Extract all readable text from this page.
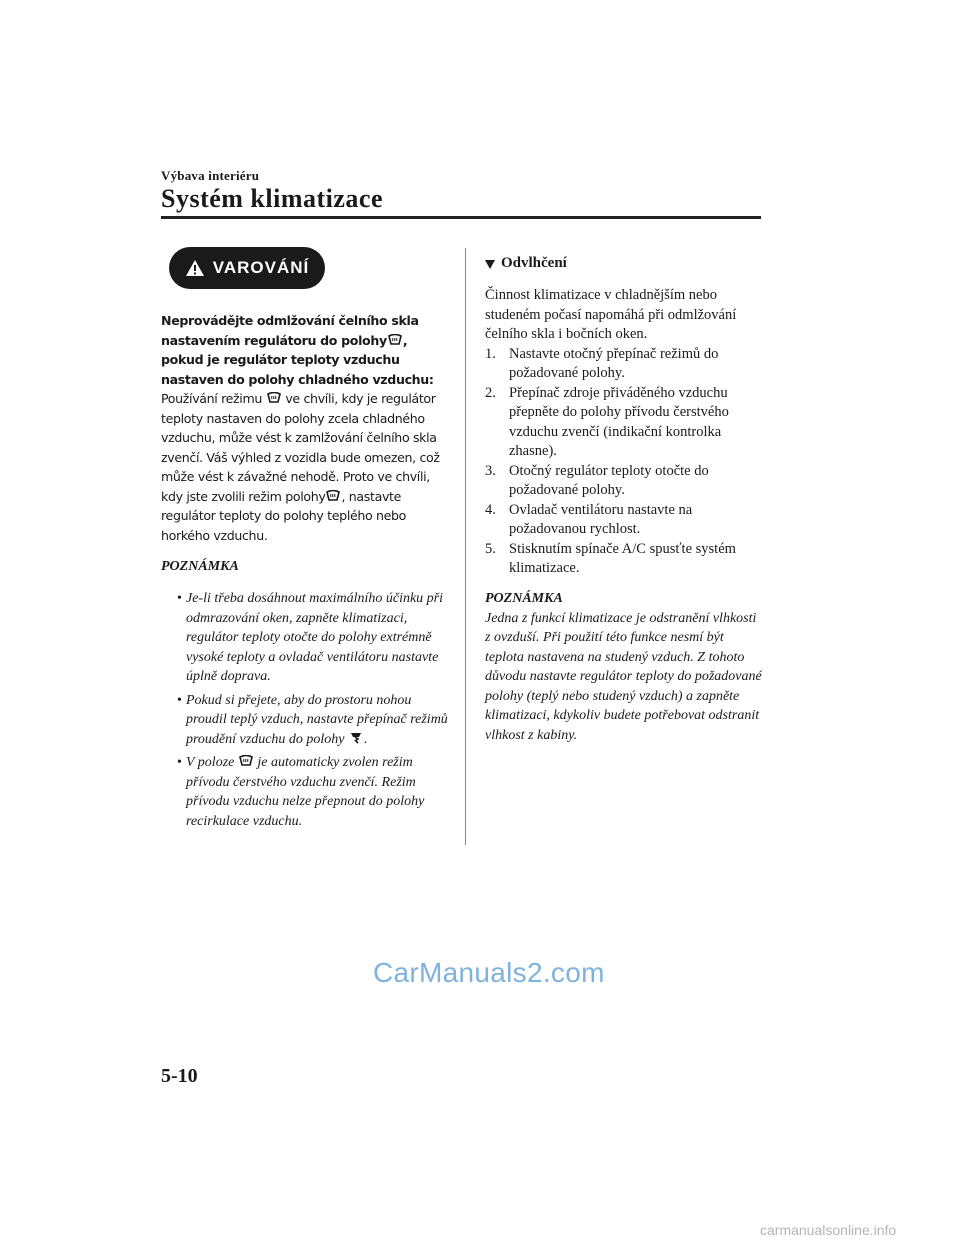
Výbava interiéru
Systém klimatizace
VAROVÁNÍ
Neprovádějte odmlžování čelního skla nastavením regulátoru do polohy , pokud je regulátor teploty vzduchu nastaven do polohy chladného vzduchu: Používání režimu ve chvíli, kdy je regulátor teploty nastaven do polohy zcela chladného vzduchu, může vést k zamlžování čelního skla zvenčí. Váš výhled z vozidla bude omezen, což může vést k závažné nehodě. Proto ve chvíli, kdy jste zvolili režim polohy , nastavte regulátor teploty do polohy teplého nebo horkého vzduchu.
POZNÁMKA
• Je-li třeba dosáhnout maximálního účinku při odmrazování oken, zapněte klimatizaci, regulátor teploty otočte do polohy extrémně vysoké teploty a ovladač ventilátoru nastavte úplně doprava.
• Pokud si přejete, aby do prostoru nohou proudil teplý vzduch, nastavte přepínač režimů proudění vzduchu do polohy .
• V poloze je automaticky zvolen režim přívodu čerstvého vzduchu zvenčí. Režim přívodu vzduchu nelze přepnout do polohy recirkulace vzduchu.
Odvlhčení
Činnost klimatizace v chladnějším nebo studeném počasí napomáhá při odmlžování čelního skla i bočních oken.
1. Nastavte otočný přepínač režimů do požadované polohy.
2. Přepínač zdroje přiváděného vzduchu přepněte do polohy přívodu čerstvého vzduchu zvenčí (indikační kontrolka zhasne).
3. Otočný regulátor teploty otočte do požadované polohy.
4. Ovladač ventilátoru nastavte na požadovanou rychlost.
5. Stisknutím spínače A/C spusťte systém klimatizace.
POZNÁMKA
Jedna z funkcí klimatizace je odstranění vlhkosti z ovzduší. Při použití této funkce nesmí být teplota nastavena na studený vzduch. Z tohoto důvodu nastavte regulátor teploty do požadované polohy (teplý nebo studený vzduch) a zapněte klimatizaci, kdykoliv budete potřebovat odstranit vlhkost z kabiny.
CarManuals2.com
5-10
carmanualsonline.info
